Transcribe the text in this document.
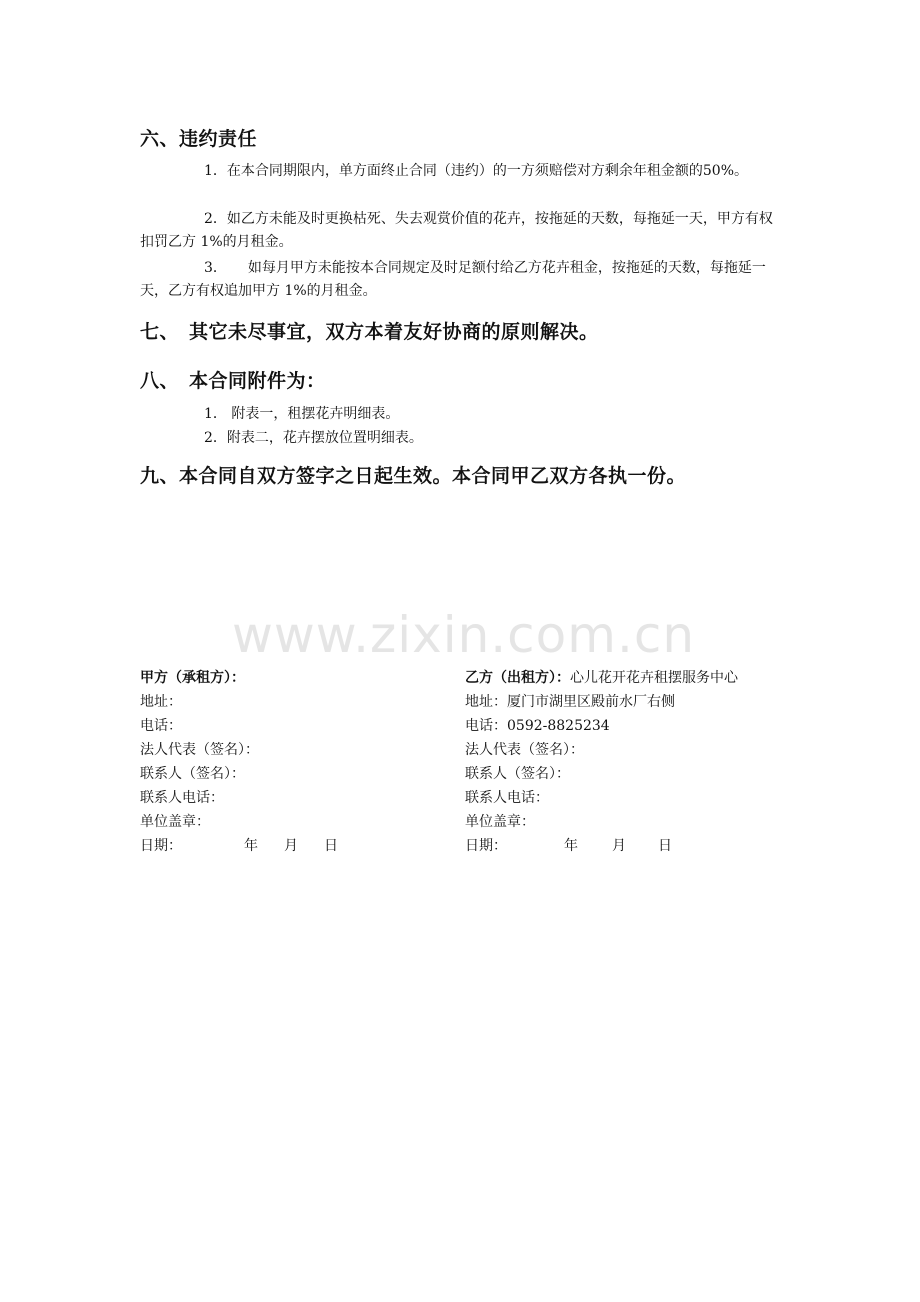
六、违约责任
1．在本合同期限内，单方面终止合同（违约）的一方须赔偿对方剩余年租金额的50%。
2．如乙方未能及时更换枯死、失去观赏价值的花卉，按拖延的天数，每拖延一天，甲方有权扣罚乙方 1%的月租金。
3．　　如每月甲方未能按本合同规定及时足额付给乙方花卉租金，按拖延的天数，每拖延一天，乙方有权追加甲方 1%的月租金。
七、　其它未尽事宜，双方本着友好协商的原则解决。
八、　本合同附件为：
1． 附表一，租摆花卉明细表。
2．附表二，花卉摆放位置明细表。
九、本合同自双方签字之日起生效。本合同甲乙双方各执一份。
www.zixin.com.cn
甲方（承租方）：
地址：
电话：
法人代表（签名）：
联系人（签名）：
联系人电话：
单位盖章：
日期：	年 月 日
乙方（出租方）：心儿花开花卉租摆服务中心
地址：厦门市湖里区殿前水厂右侧
电话：0592-8825234
法人代表（签名）：
联系人（签名）：
联系人电话：
单位盖章：
日期：	年 月 日
